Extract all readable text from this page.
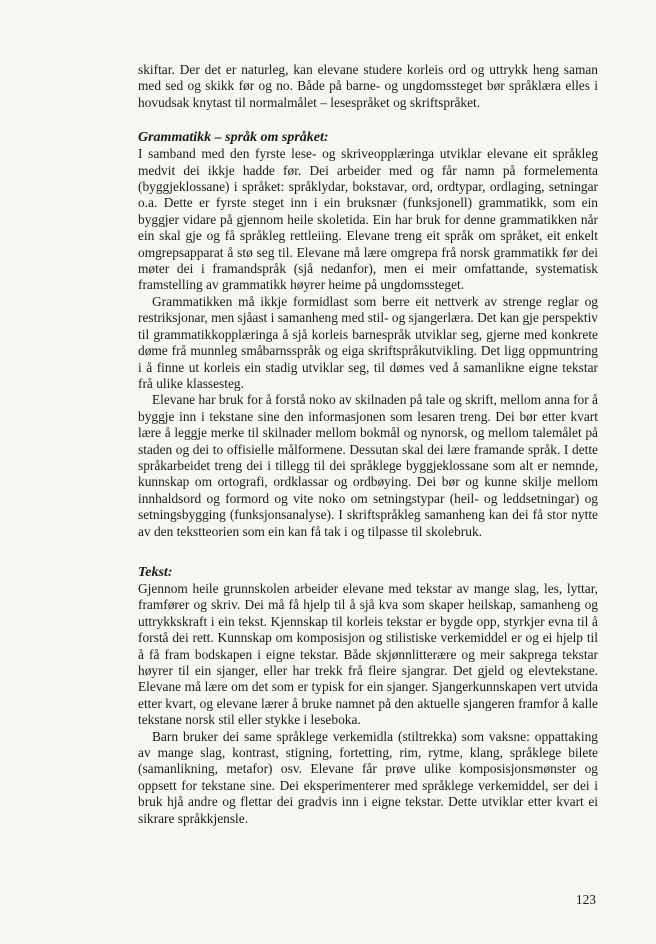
skiftar. Der det er naturleg, kan elevane studere korleis ord og uttrykk heng saman med sed og skikk før og no. Både på barne- og ungdomssteget bør språklæra elles i hovudsak knytast til normalmålet – lesespråket og skriftspråket.

Grammatikk – språk om språket:

I samband med den fyrste lese- og skriveopplæringa utviklar elevane eit språkleg medvit dei ikkje hadde før. Dei arbeider med og får namn på formelementa (byggjeklossane) i språket: språklydar, bokstavar, ord, ordtypar, ordlaging, setningar o.a. Dette er fyrste steget inn i ein bruksnær (funksjonell) grammatikk, som ein byggjer vidare på gjennom heile skoletida. Ein har bruk for denne grammatikken når ein skal gje og få språkleg rettleiing. Elevane treng eit språk om språket, eit enkelt omgrepsapparat å stø seg til. Elevane må lære omgrepa frå norsk grammatikk før dei møter dei i framandspråk (sjå nedanfor), men ei meir omfattande, systematisk framstelling av grammatikk høyrer heime på ungdomssteget.

Grammatikken må ikkje formidlast som berre eit nettverk av strenge reglar og restriksjonar, men sjåast i samanheng med stil- og sjangerlæra. Det kan gje perspektiv til grammatikkopplæringa å sjå korleis barnespråk utviklar seg, gjerne med konkrete døme frå munnleg småbarnsspråk og eiga skriftspråkutvikling. Det ligg oppmuntring i å finne ut korleis ein stadig utviklar seg, til dømes ved å samanlikne eigne tekstar frå ulike klassesteg.

Elevane har bruk for å forstå noko av skilnaden på tale og skrift, mellom anna for å byggje inn i tekstane sine den informasjonen som lesaren treng. Dei bør etter kvart lære å leggje merke til skilnader mellom bokmål og nynorsk, og mellom talemålet på staden og dei to offisielle målformene. Dessutan skal dei lære framande språk. I dette språkarbeidet treng dei i tillegg til dei språklege byggjeklossane som alt er nemnde, kunnskap om ortografi, ordklassar og ordbøying. Dei bør og kunne skilje mellom innhaldsord og formord og vite noko om setningstypar (heil- og leddsetningar) og setningsbygging (funksjonsanalyse). I skriftspråkleg samanheng kan dei få stor nytte av den tekstteorien som ein kan få tak i og tilpasse til skolebruk.

Tekst:

Gjennom heile grunnskolen arbeider elevane med tekstar av mange slag, les, lyttar, framfører og skriv. Dei må få hjelp til å sjå kva som skaper heilskap, samanheng og uttrykkskraft i ein tekst. Kjennskap til korleis tekstar er bygde opp, styrkjer evna til å forstå dei rett. Kunnskap om komposisjon og stilistiske verkemiddel er og ei hjelp til å få fram bodskapen i eigne tekstar. Både skjønnlitterære og meir sakprega tekstar høyrer til ein sjanger, eller har trekk frå fleire sjangrar. Det gjeld og elevtekstane. Elevane må lære om det som er typisk for ein sjanger. Sjangerkunnskapen vert utvida etter kvart, og elevane lærer å bruke namnet på den aktuelle sjangeren framfor å kalle tekstane norsk stil eller stykke i leseboka.

Barn bruker dei same språklege verkemidla (stiltrekka) som vaksne: oppattaking av mange slag, kontrast, stigning, fortetting, rim, rytme, klang, språklege bilete (samanlikning, metafor) osv. Elevane får prøve ulike komposisjonsmønster og oppsett for tekstane sine. Dei eksperimenterer med språklege verkemiddel, ser dei i bruk hjå andre og flettar dei gradvis inn i eigne tekstar. Dette utviklar etter kvart ei sikrare språkkjensle.

123
